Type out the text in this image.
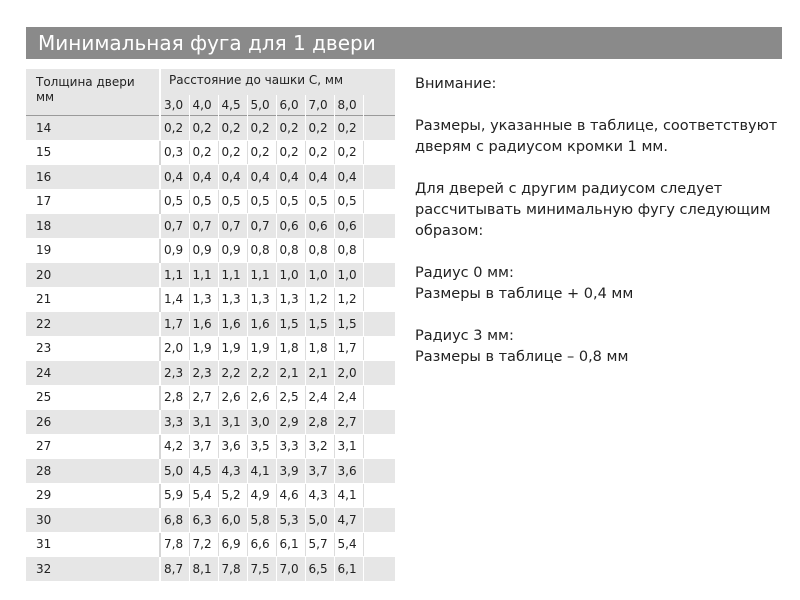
Минимальная фуга для 1 двери
Толщина двери мм	Расстояние до чашки С, мм							
	3,0	4,0	4,5	5,0	6,0	7,0	8,0	

14	0,2	0,2	0,2	0,2	0,2	0,2	0,2	
15	0,3	0,2	0,2	0,2	0,2	0,2	0,2	
16	0,4	0,4	0,4	0,4	0,4	0,4	0,4	
17	0,5	0,5	0,5	0,5	0,5	0,5	0,5	
18	0,7	0,7	0,7	0,7	0,6	0,6	0,6	
19	0,9	0,9	0,9	0,8	0,8	0,8	0,8	
20	1,1	1,1	1,1	1,1	1,0	1,0	1,0	
21	1,4	1,3	1,3	1,3	1,3	1,2	1,2	
22	1,7	1,6	1,6	1,6	1,5	1,5	1,5	
23	2,0	1,9	1,9	1,9	1,8	1,8	1,7	
24	2,3	2,3	2,2	2,2	2,1	2,1	2,0	
25	2,8	2,7	2,6	2,6	2,5	2,4	2,4	
26	3,3	3,1	3,1	3,0	2,9	2,8	2,7	
27	4,2	3,7	3,6	3,5	3,3	3,2	3,1	
28	5,0	4,5	4,3	4,1	3,9	3,7	3,6	
29	5,9	5,4	5,2	4,9	4,6	4,3	4,1	
30	6,8	6,3	6,0	5,8	5,3	5,0	4,7	
31	7,8	7,2	6,9	6,6	6,1	5,7	5,4	
32	8,7	8,1	7,8	7,5	7,0	6,5	6,1	

Внимание:

Размеры, указанные в таблице, соответствуют дверям с радиусом кромки 1 мм.

Для дверей с другим радиусом следует рассчитывать минимальную фугу следующим образом:

Радиус 0 мм:

Размеры в таблице + 0,4 мм

Радиус 3 мм:

Размеры в таблице – 0,8 мм
